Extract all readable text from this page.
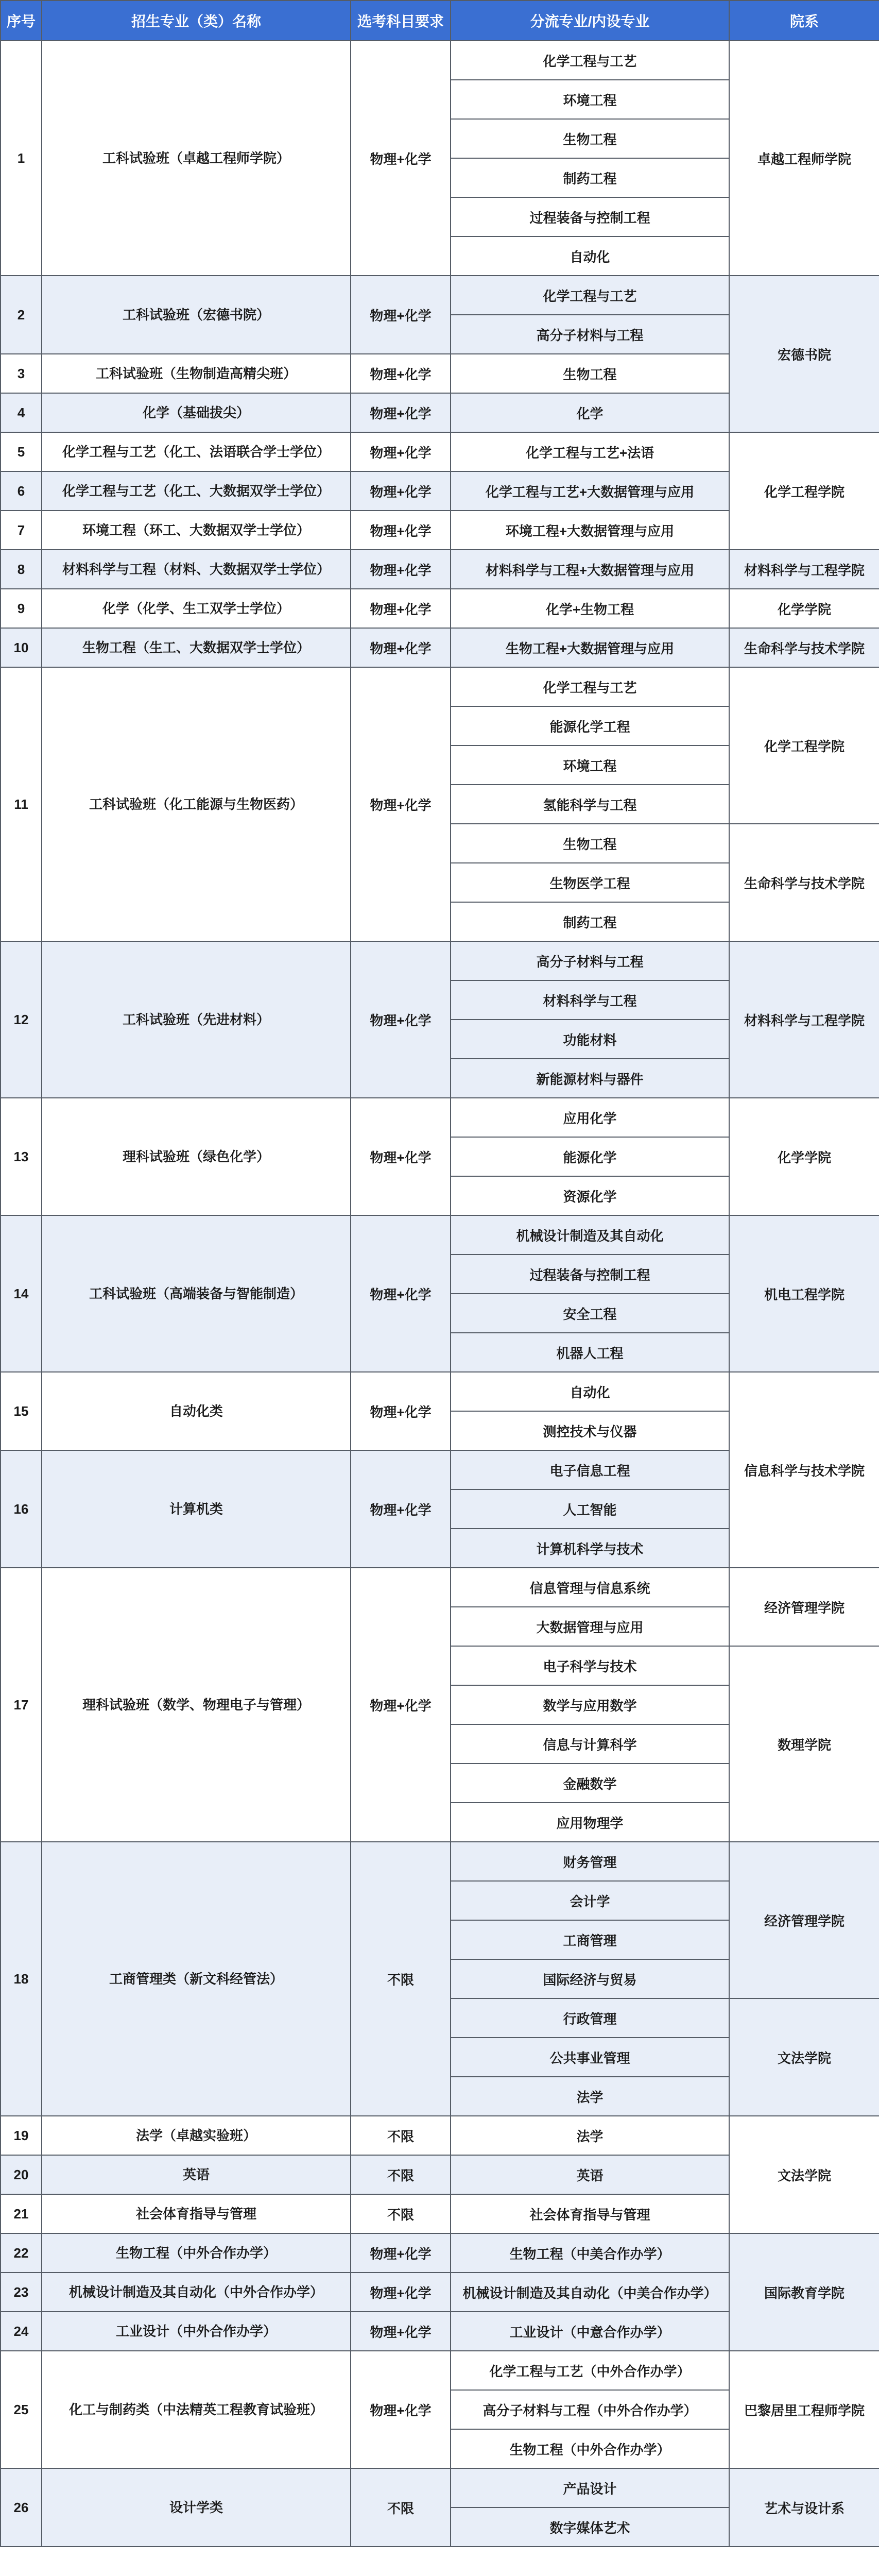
序号	招生专业（类）名称	选考科目要求	分流专业/内设专业	院系
1	工科试验班（卓越工程师学院）	物理+化学	化学工程与工艺	卓越工程师学院
			环境工程	
			生物工程	
			制药工程	
			过程装备与控制工程	
			自动化	
2	工科试验班（宏德书院）	物理+化学	化学工程与工艺	宏德书院
			高分子材料与工程	
3	工科试验班（生物制造高精尖班）	物理+化学	生物工程	
4	化学（基础拔尖）	物理+化学	化学	
5	化学工程与工艺（化工、法语联合学士学位）	物理+化学	化学工程与工艺+法语	化学工程学院
6	化学工程与工艺（化工、大数据双学士学位）	物理+化学	化学工程与工艺+大数据管理与应用	
7	环境工程（环工、大数据双学士学位）	物理+化学	环境工程+大数据管理与应用	
8	材料科学与工程（材料、大数据双学士学位）	物理+化学	材料科学与工程+大数据管理与应用	材料科学与工程学院
9	化学（化学、生工双学士学位）	物理+化学	化学+生物工程	化学学院
10	生物工程（生工、大数据双学士学位）	物理+化学	生物工程+大数据管理与应用	生命科学与技术学院
11	工科试验班（化工能源与生物医药）	物理+化学	化学工程与工艺	化学工程学院
			能源化学工程	
			环境工程	
			氢能科学与工程	
			生物工程	生命科学与技术学院
			生物医学工程	
			制药工程	
12	工科试验班（先进材料）	物理+化学	高分子材料与工程	材料科学与工程学院
			材料科学与工程	
			功能材料	
			新能源材料与器件	
13	理科试验班（绿色化学）	物理+化学	应用化学	化学学院
			能源化学	
			资源化学	
14	工科试验班（高端装备与智能制造）	物理+化学	机械设计制造及其自动化	机电工程学院
			过程装备与控制工程	
			安全工程	
			机器人工程	
15	自动化类	物理+化学	自动化	信息科学与技术学院
			测控技术与仪器	
16	计算机类	物理+化学	电子信息工程	
			人工智能	
			计算机科学与技术	
17	理科试验班（数学、物理电子与管理）	物理+化学	信息管理与信息系统	经济管理学院
			大数据管理与应用	
			电子科学与技术	数理学院
			数学与应用数学	
			信息与计算科学	
			金融数学	
			应用物理学	
18	工商管理类（新文科经管法）	不限	财务管理	经济管理学院
			会计学	
			工商管理	
			国际经济与贸易	
			行政管理	文法学院
			公共事业管理	
			法学	
19	法学（卓越实验班）	不限	法学	文法学院
20	英语	不限	英语	
21	社会体育指导与管理	不限	社会体育指导与管理	
22	生物工程（中外合作办学）	物理+化学	生物工程（中美合作办学）	国际教育学院
23	机械设计制造及其自动化（中外合作办学）	物理+化学	机械设计制造及其自动化（中美合作办学）	
24	工业设计（中外合作办学）	物理+化学	工业设计（中意合作办学）	
25	化工与制药类（中法精英工程教育试验班）	物理+化学	化学工程与工艺（中外合作办学）	巴黎居里工程师学院
			高分子材料与工程（中外合作办学）	
			生物工程（中外合作办学）	
26	设计学类	不限	产品设计	艺术与设计系
			数字媒体艺术	
